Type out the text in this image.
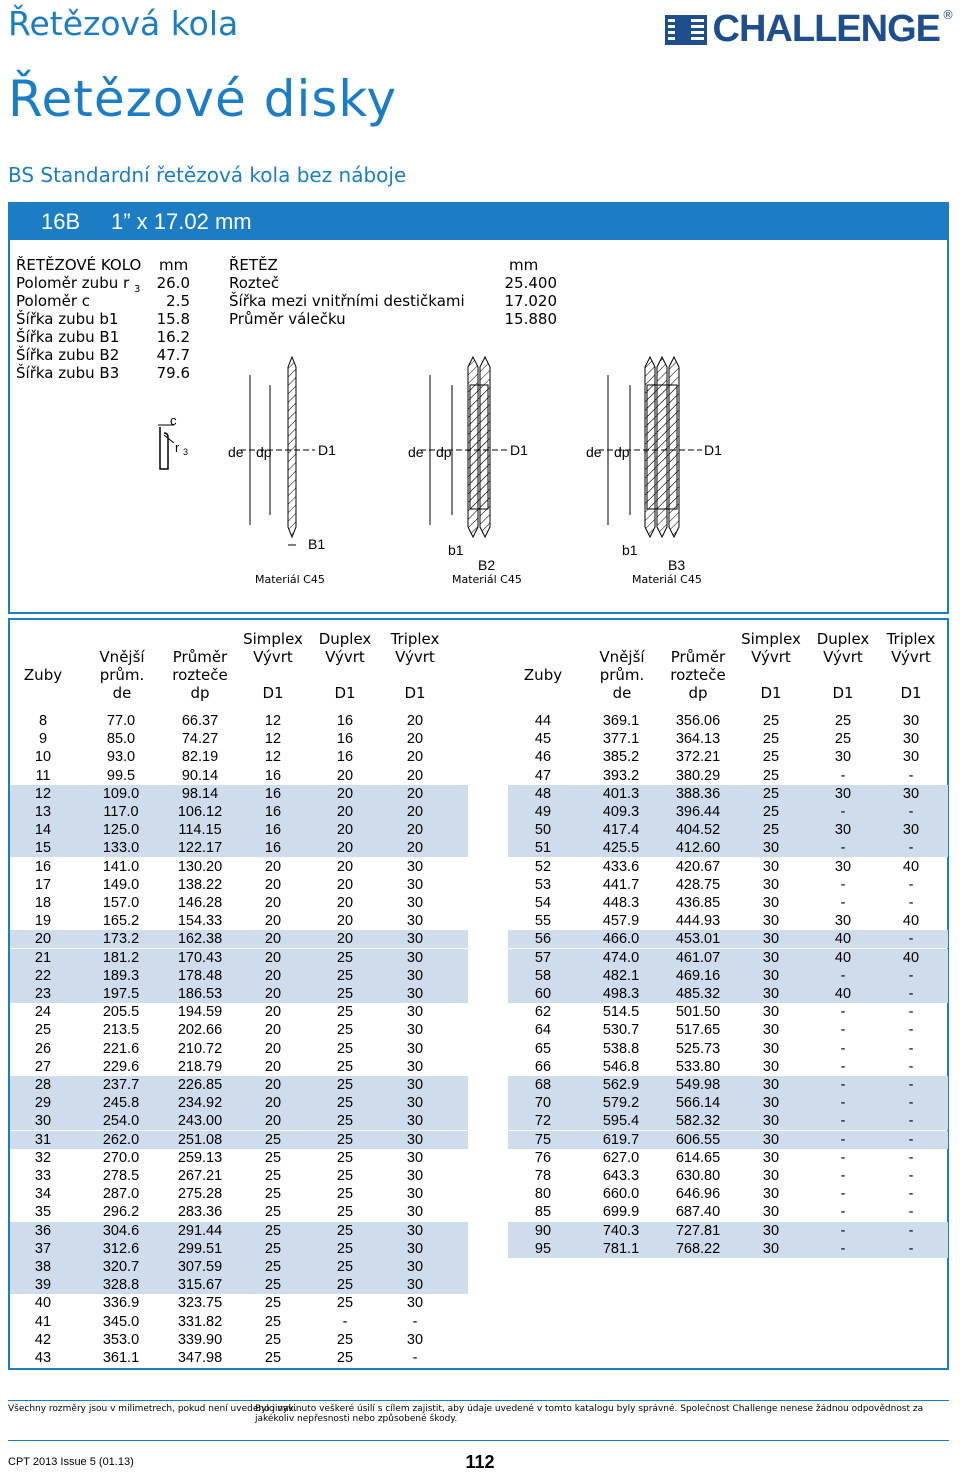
Řetězová kola
Řetězové disky
BS Standardní řetězová kola bez náboje
CHALLENGE ®
16B 1” x 17.02 mm

ŘETĚZOVÉ KOLO

mm

Poloměr zubu r $_3$

	26.0

Poloměr c

	2.5

Šířka zubu b1

	15.8

Šířka zubu B1

	16.2

Šířka zubu B2

	47.7

Šířka zubu B3

	79.6

ŘETĚZ

	mm

Rozteč

	25.400

Šířka mezi vnitřními destičkami

	17.020

Průměr válečku

	15.880

c
r 3	de dp	D1
B1
Materiál C45
de dp	D1
b1
B2
Materiál C45
de dp	D1
b1
B3
Materiál C45
Zuby
Vnější
prům.
de
Průměr
rozteče
dp
Simplex
Vývrt
D1
Duplex
Vývrt
D1
Triplex
Vývrt
D1
8	77.0	66.37	12	16	20
9	85.0	74.27	12	16	20
10	93.0	82.19	12	16	20
11	99.5	90.14	16	20	20
12	109.0	98.14	16	20	20
13	117.0	106.12	16	20	20
14	125.0	114.15	16	20	20
15	133.0	122.17	16	20	20
16	141.0	130.20	20	20	30
17	149.0	138.22	20	20	30
18	157.0	146.28	20	20	30
19	165.2	154.33	20	20	30
20	173.2	162.38	20	20	30
21	181.2	170.43	20	25	30
22	189.3	178.48	20	25	30
23	197.5	186.53	20	25	30
24	205.5	194.59	20	25	30
25	213.5	202.66	20	25	30
26	221.6	210.72	20	25	30
27	229.6	218.79	20	25	30
28	237.7	226.85	20	25	30
29	245.8	234.92	20	25	30
30	254.0	243.00	20	25	30
31	262.0	251.08	25	25	30
32	270.0	259.13	25	25	30
33	278.5	267.21	25	25	30
34	287.0	275.28	25	25	30
35	296.2	283.36	25	25	30
36	304.6	291.44	25	25	30
37	312.6	299.51	25	25	30
38	320.7	307.59	25	25	30
39	328.8	315.67	25	25	30
40	336.9	323.75	25	25	30
41	345.0	331.82	25	-	-
42	353.0	339.90	25	25	30
43	361.1	347.98	25	25	-
Zuby
Vnější
prům.
de
Průměr
rozteče
dp
Simplex
Vývrt
D1
Duplex
Vývrt
D1
Triplex
Vývrt
D1
44	369.1	356.06	25	25	30
45	377.1	364.13	25	25	30
46	385.2	372.21	25	30	30
47	393.2	380.29	25	-	-
48	401.3	388.36	25	30	30
49	409.3	396.44	25	-	-
50	417.4	404.52	25	30	30
51	425.5	412.60	30	-	-
52	433.6	420.67	30	30	40
53	441.7	428.75	30	-	-
54	448.3	436.85	30	-	-
55	457.9	444.93	30	30	40
56	466.0	453.01	30	40	-
57	474.0	461.07	30	40	40
58	482.1	469.16	30	-	-
60	498.3	485.32	30	40	-
62	514.5	501.50	30	-	-
64	530.7	517.65	30	-	-
65	538.8	525.73	30	-	-
66	546.8	533.80	30	-	-
68	562.9	549.98	30	-	-
70	579.2	566.14	30	-	-
72	595.4	582.32	30	-	-
75	619.7	606.55	30	-	-
76	627.0	614.65	30	-	-
78	643.3	630.80	30	-	-
80	660.0	646.96	30	-	-
85	699.9	687.40	30	-	-
90	740.3	727.81	30	-	-
95	781.1	768.22	30	-	-
Všechny rozměry jsou v milimetrech, pokud není uvedeno jinak.
Bylo vyvinuto veškeré úsilí s cílem zajistit, aby údaje uvedené v tomto katalogu byly správné. Společnost Challenge nenese žádnou odpovědnost za jakékoliv nepřesnosti nebo způsobené škody.
CPT 2013 Issue 5 (01.13)	112
